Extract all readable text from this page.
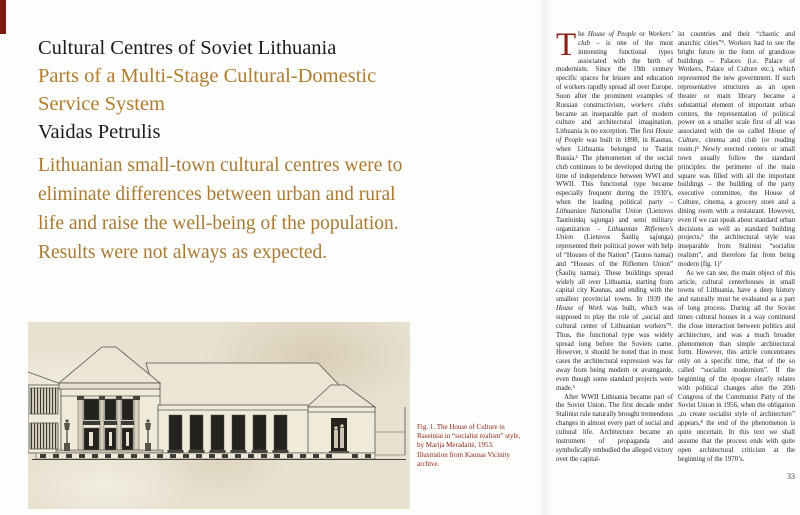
Cultural Centres of Soviet Lithuania
Parts of a Multi-Stage Cultural-Domestic Service System
Vaidas Petrulis
Lithuanian small-town cultural centres were to eliminate differences between urban and rural life and raise the well-being of the population. Results were not always as expected.
Fig. 1. The House of Culture in Raseiniai in “socialist realism” style, by Marija Meradaitė, 1953. Illustration from Kaunas Vicinity archive.

The House of People or Workers’ club – is one of the most interesting functional types associated with the birth of modernism. Since the 19th century specific spaces for leisure and education of workers rapidly spread all over Europe. Soon after the prominent examples of Russian constructivism, workers clubs became an inseparable part of modern culture and architectural imagination. Lithuania is no exception. The first House of People was built in 1898, in Kaunas, when Lithuania belonged to Tsarist Russia.¹ The phenomenon of the social club continues to be developed during the time of independence between WWI and WWII. This functional type became especially frequent during the 1930’s, when the leading political party – Lithuanian Nationalist Union (Lietuvos Tautininkų sąjunga) and semi military organization – Lithuanian Riflemen’s Union (Lietuvos Šaulių sąjunga) represented their political power with help of “Houses of the Nation” (Tautos namai) and “Houses of the Riflemen Union” (Šaulių namai). These buildings spread widely all over Lithuania, starting from capital city Kaunas, and ending with the smallest provincial towns. In 1939 the House of Work was built, which was supposed to play the role of „social and cultural center of Lithuanian workers”². Thus, the functional type was widely spread long before the Soviets came. However, it should be noted that in most cases the architectural expression was far away from being modern or avantgarde, even though some standard projects were made.³

After WWII Lithuania became part of the Soviet Union. The first decade under Stalinist rule naturally brought tremendous changes in almost every part of social and cultural life. Architecture became an instrument of propaganda and symbolically embodied the alleged victory over the capital-

ist countries and their “chaotic and anarchic cities”⁴. Workers had to see the bright future in the form of grandiose buildings – Palaces (i.e. Palace of Workers, Palace of Culture etc.), which represented the new government. If such representative structures as an open theater or main library became a substantial element of important urban centers, the representation of political power on a smaller scale first of all was associated with the so called House of Culture, cinema and club (or reading room.)⁵ Newly erected centers or small town usually follow the standard principles: the perimeter of the main square was filled with all the important buildings – the building of the party executive committee, the House of Culture, cinema, a grocery store and a dining room with a restaurant. However, even if we can speak about standard urban decisions as well as standard building projects,⁶ the architectural style was inseparable from Stalinist “socialist realism”, and therefore far from being modern (fig. 1)⁷

As we can see, the main object of this article, cultural centerhouses in small towns of Lithuania, have a deep history and naturally must be evaluated as a part of long process. During all the Soviet times cultural houses in a way continued the close interaction between politics and architecture, and was a much broader phenomenon than simple architectural form. However, this article concentrates only on a specific time, that of the so called “socialist modernism”. If the beginning of the époque clearly relates with political changes after the 20th Congress of the Communist Party of the Soviet Union in 1956, when the obligation „to create socialist style of architecture” appears,⁸ the end of the phenomenon is quite uncertain. In this text we shall assume that the process ends with quite open architectural criticism at the beginning of the 1970’s.

33
